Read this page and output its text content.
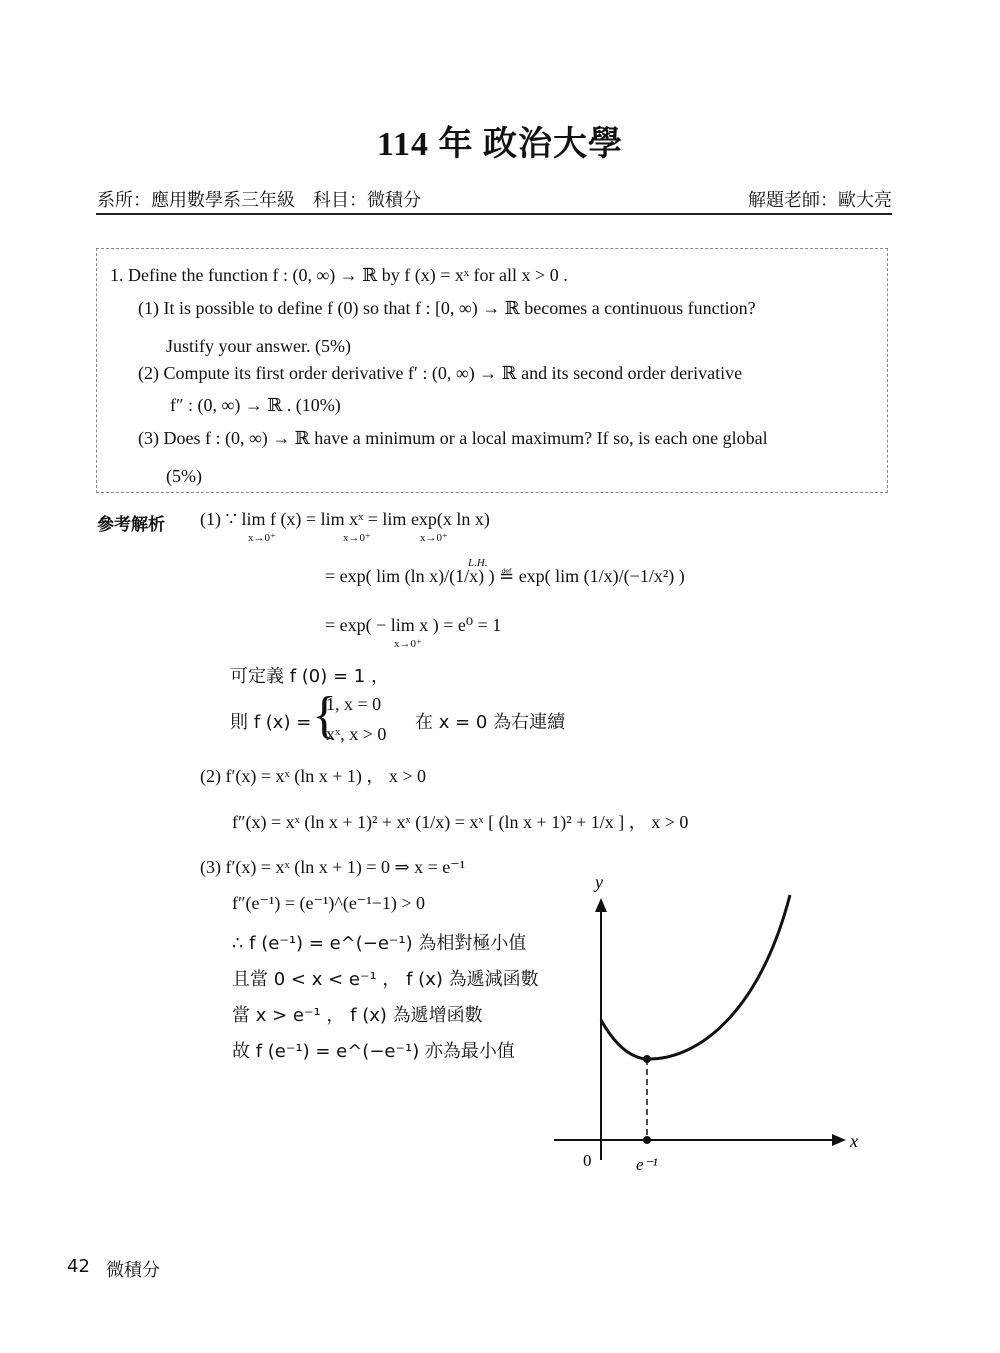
114 年 政治大學
系所：應用數學系三年級　科目：微積分	解題老師：歐大亮
1. Define the function f : (0, ∞) → ℝ by f (x) = xˣ for all x > 0 .
(1) It is possible to define f (0) so that f : [0, ∞) → ℝ becomes a continuous function?
Justify your answer. (5%)
(2) Compute its first order derivative f′ : (0, ∞) → ℝ and its second order derivative
f″ : (0, ∞) → ℝ . (10%)
(3) Does f : (0, ∞) → ℝ have a minimum or a local maximum? If so, is each one global
(5%)
參考解析 (1) ∵ lim f (x) = lim xˣ = lim exp(x ln x)
x→0⁺	x→0⁺	x→0⁺
= exp( lim (ln x)/(1/x) ) ≝ exp( lim (1/x)/(−1/x²) )
L.H.
= exp( − lim x ) = e⁰ = 1
x→0⁺
可定義 f (0) = 1 ，
則 f (x) = {
1, x = 0
xˣ, x > 0
在 x = 0 為右連續
(2) f′(x) = xˣ (ln x + 1) ， x > 0
f″(x) = xˣ (ln x + 1)² + xˣ (1/x) = xˣ [ (ln x + 1)² + 1/x ] ， x > 0
(3) f′(x) = xˣ (ln x + 1) = 0 ⇒ x = e⁻¹
f″(e⁻¹) = (e⁻¹)^(e⁻¹−1) > 0
∴ f (e⁻¹) = e^(−e⁻¹) 為相對極小值
且當 0 < x < e⁻¹ ， f (x) 為遞減函數
當 x > e⁻¹ ， f (x) 為遞增函數
故 f (e⁻¹) = e^(−e⁻¹) 亦為最小值
y
x
0	e⁻¹
42 微積分
